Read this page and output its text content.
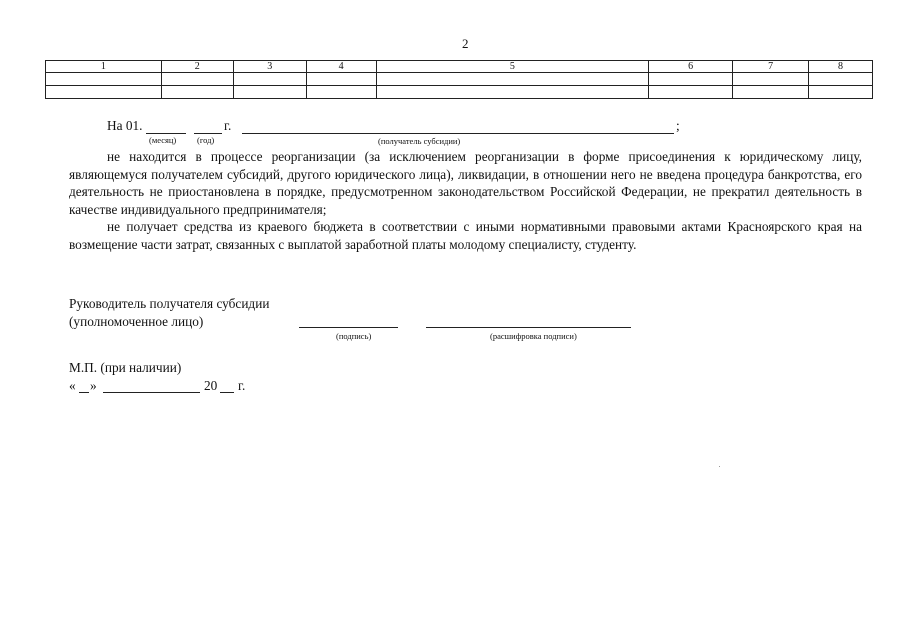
2
1	2	3	4	5	6	7	8

На 01.	г.	;
(месяц) (год)	(получатель субсидии)
не находится в процессе реорганизации (за исключением реорганизации в форме присоединения к юридическому лицу, являющемуся получателем субсидий, другого юридического лица), ликвидации, в отношении него не введена процедура банкротства, его деятельность не приостановлена в порядке, предусмотренном законодательством Российской Федерации, не прекратил деятельность в качестве индивидуального предпринимателя;
не получает средства из краевого бюджета в соответствии с иными нормативными правовыми актами Красноярского края на возмещение части затрат, связанных с выплатой заработной платы молодому специалисту, студенту.
Руководитель получателя субсидии
(уполномоченное лицо)
(подпись)	(расшифровка подписи)
М.П. (при наличии)
« »	20 г.
